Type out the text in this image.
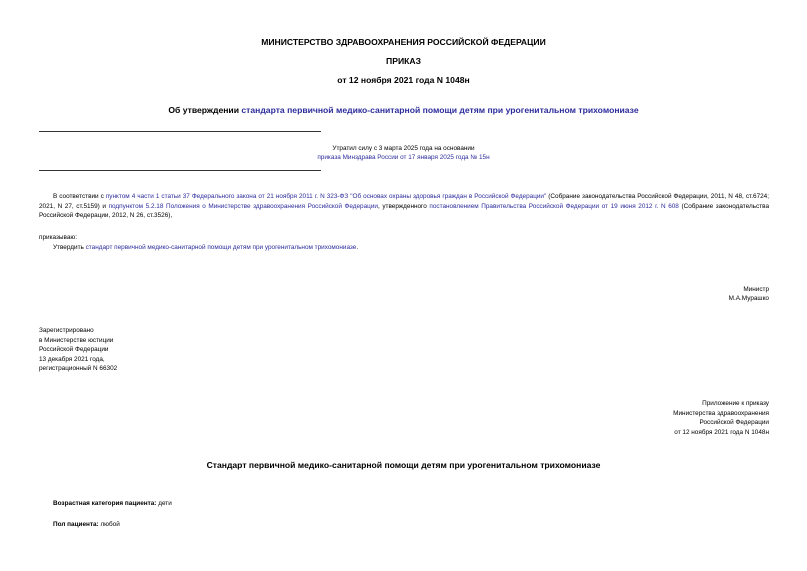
МИНИСТЕРСТВО ЗДРАВООХРАНЕНИЯ РОССИЙСКОЙ ФЕДЕРАЦИИ
ПРИКАЗ
от 12 ноября 2021 года N 1048н
Об утверждении стандарта первичной медико-санитарной помощи детям при урогенитальном трихомониазе
Утратил силу с 3 марта 2025 года на основании
приказа Минздрава России от 17 января 2025 года № 15н
В соответствии с пунктом 4 части 1 статьи 37 Федерального закона от 21 ноября 2011 г. N 323-ФЗ "Об основах охраны здоровья граждан в Российской Федерации" (Собрание законодательства Российской Федерации, 2011, N 48, ст.6724; 2021, N 27, ст.5159) и подпунктом 5.2.18 Положения о Министерстве здравоохранения Российской Федерации, утвержденного постановлением Правительства Российской Федерации от 19 июня 2012 г. N 608 (Собрание законодательства Российской Федерации, 2012, N 26, ст.3526),
приказываю:
Утвердить стандарт первичной медико-санитарной помощи детям при урогенитальном трихомониазе.
Министр
М.А.Мурашко
Зарегистрировано
в Министерстве юстиции
Российской Федерации
13 декабря 2021 года,
регистрационный N 66302
Приложение к приказу
Министерства здравоохранения
Российской Федерации
от 12 ноября 2021 года N 1048н
Стандарт первичной медико-санитарной помощи детям при урогенитальном трихомониазе
Возрастная категория пациента: дети
Пол пациента: любой
